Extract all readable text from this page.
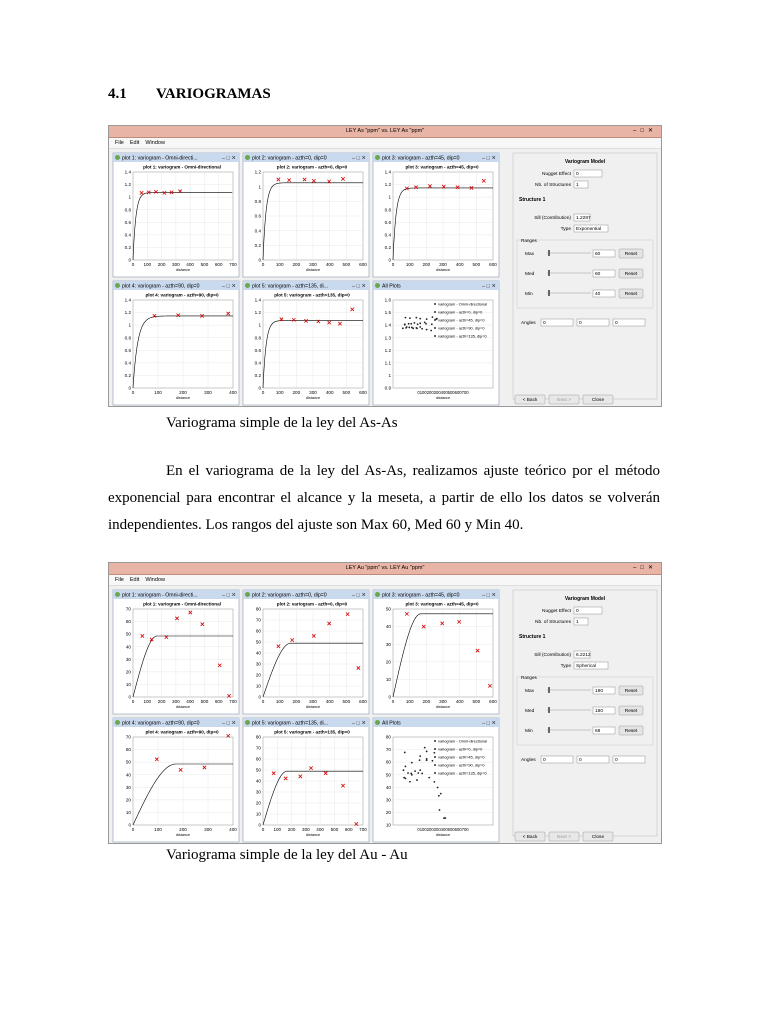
4.1 VARIOGRAMAS
LEY As "ppm" vs. LEY As "ppm"	–□✕
File Edit Window
plot 1: variogram - Omni-directi...	– □ ✕
plot 1: variogram - Omni-directional
0
0.2
0.4
0.6
0.8
1
1.2
1.4
0 100 200 300 400 500 600 700
distance
plot 2: variogram - azth=0, dip=0	– □ ✕
plot 2: variogram - azth=0, dip=0
0
0.2
0.4
0.6
0.8
1
1.2
0	100 200 300 400 500 600
distance
plot 3: variogram - azth=45, dip=0	– □ ✕
plot 3: variogram - azth=45, dip=0
0
0.2
0.4
0.6
0.8
1
1.2
1.4
0	100 200 300 400 500 600
distance
plot 4: variogram - azth=90, dip=0	– □ ✕
plot 4: variogram - azth=90, dip=0
0
0.2
0.4
0.6
0.8
1
1.2
1.4
0	100	200	300	400
distance
plot 5: variogram - azth=135, di...	– □ ✕
plot 5: variogram - azth=135, dip=0
0
0.2
0.4
0.6
0.8
1
1.2
1.4
0	100 200 300 400 500 600
distance
All Plots	– □ ✕
0.9
1
1.1
1.2
1.3
1.4
1.5
1.6
0100200300400500600700
distance
variogram - Omni-directional
variogram - azth=0, dip=0
variogram - azth=45, dip=0
variogram - azth=90, dip=0
variogram - azth=135, dip=0
Variogram Model
Nugget Effect 0
Nb. of Structures 1
Structure 1
Sill (Contribution) 1.2287
Type Exponential
Ranges
Max	60	Reset
Med	60	Reset
Min	40	Reset
Angles 0	0	0
< Back	Next >	Close
Variograma simple de la ley del As-As

En el variograma de la ley del As-As, realizamos ajuste teórico por el método exponencial para encontrar el alcance y la meseta, a partir de ello los datos se volverán independientes. Los rangos del ajuste son Max 60, Med 60 y Min 40.

LEY Au "ppm" vs. LEY Au "ppm"	–□✕
File Edit Window
plot 1: variogram - Omni-directi...	– □ ✕
plot 1: variogram - Omni-directional
0
10
20
30
40
50
60
70
0 100 200 300 400 500 600 700
distance
plot 2: variogram - azth=0, dip=0	– □ ✕
plot 2: variogram - azth=0, dip=0
0
10
20
30
40
50
60
70
80
0	100 200 300 400 500 600
distance
plot 3: variogram - azth=45, dip=0	– □ ✕
plot 3: variogram - azth=45, dip=0
0
10
20
30
40
50
0	100 200 300 400 500 600
distance
plot 4: variogram - azth=90, dip=0	– □ ✕
plot 4: variogram - azth=90, dip=0
0
10
20
30
40
50
60
70
0	100	200	300	400
distance
plot 5: variogram - azth=135, di...	– □ ✕
plot 5: variogram - azth=135, dip=0
0
10
20
30
40
50
60
70
80
0 100 200 300 400 500 600 700
distance
All Plots	– □ ✕
10
20
30
40
50
60
70
80
0100200300400500600700
distance
variogram - Omni-directional
variogram - azth=0, dip=0
variogram - azth=45, dip=0
variogram - azth=90, dip=0
variogram - azth=135, dip=0
Variogram Model
Nugget Effect 0
Nb. of Structures 1
Structure 1
Sill (Contribution) 6.2212
Type Spherical
Ranges
Max	180	Reset
Med	180	Reset
Min	68	Reset
Angles 0	0	0
< Back	Next >	Close
Variograma simple de la ley del Au - Au
